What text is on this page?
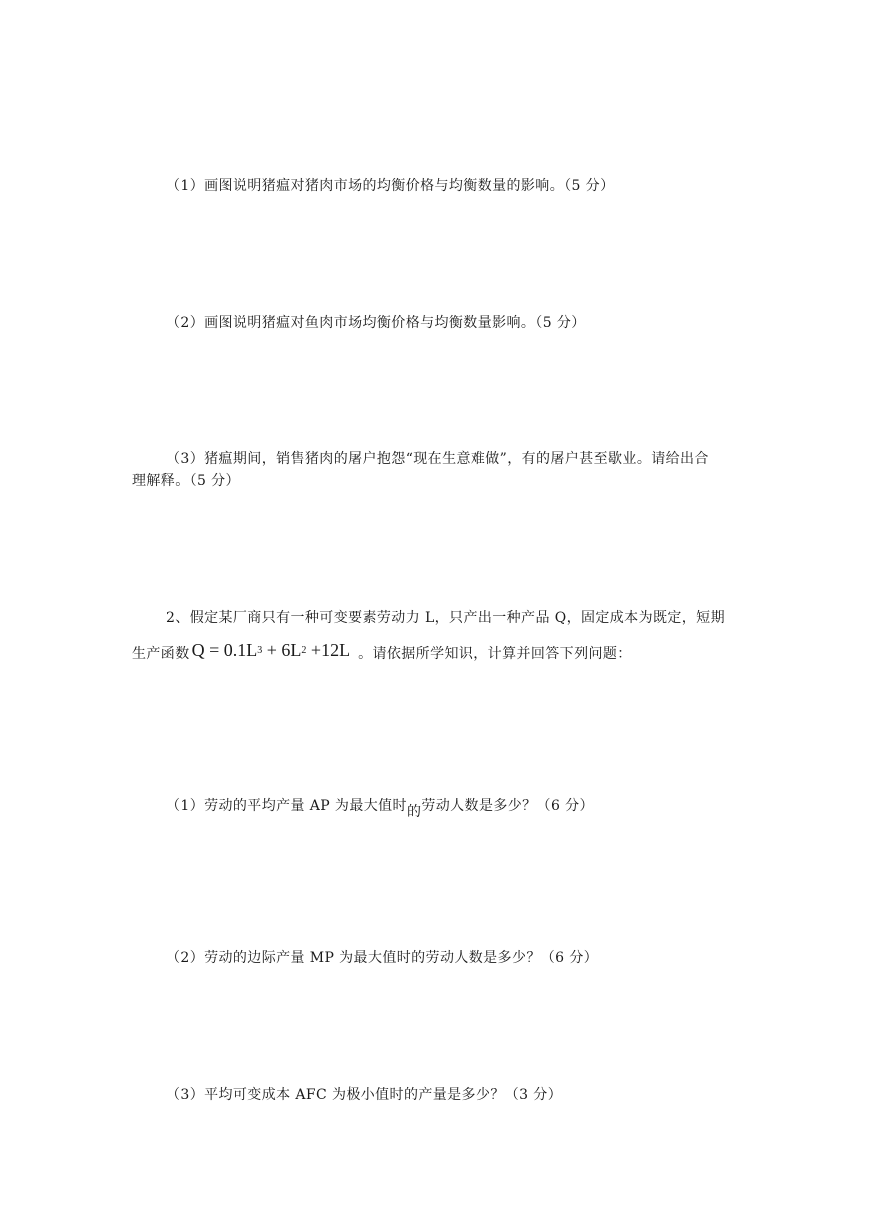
（1）画图说明猪瘟对猪肉市场的均衡价格与均衡数量的影响。（5 分）
（2）画图说明猪瘟对鱼肉市场均衡价格与均衡数量影响。（5 分）
（3）猪瘟期间，销售猪肉的屠户抱怨“现在生意难做”，有的屠户甚至歇业。请给出合
理解释。（5 分）
2、假定某厂商只有一种可变要素劳动力 L，只产出一种产品 Q，固定成本为既定，短期
生产函数 $Q = 0.1L^3 + 6L^2 +12L$ 。请依据所学知识，计算并回答下列问题：
（1）劳动的平均产量 AP 为最大值时的劳动人数是多少？（6 分）
（2）劳动的边际产量 MP 为最大值时的劳动人数是多少？（6 分）
（3）平均可变成本 AFC 为极小值时的产量是多少？（3 分）
